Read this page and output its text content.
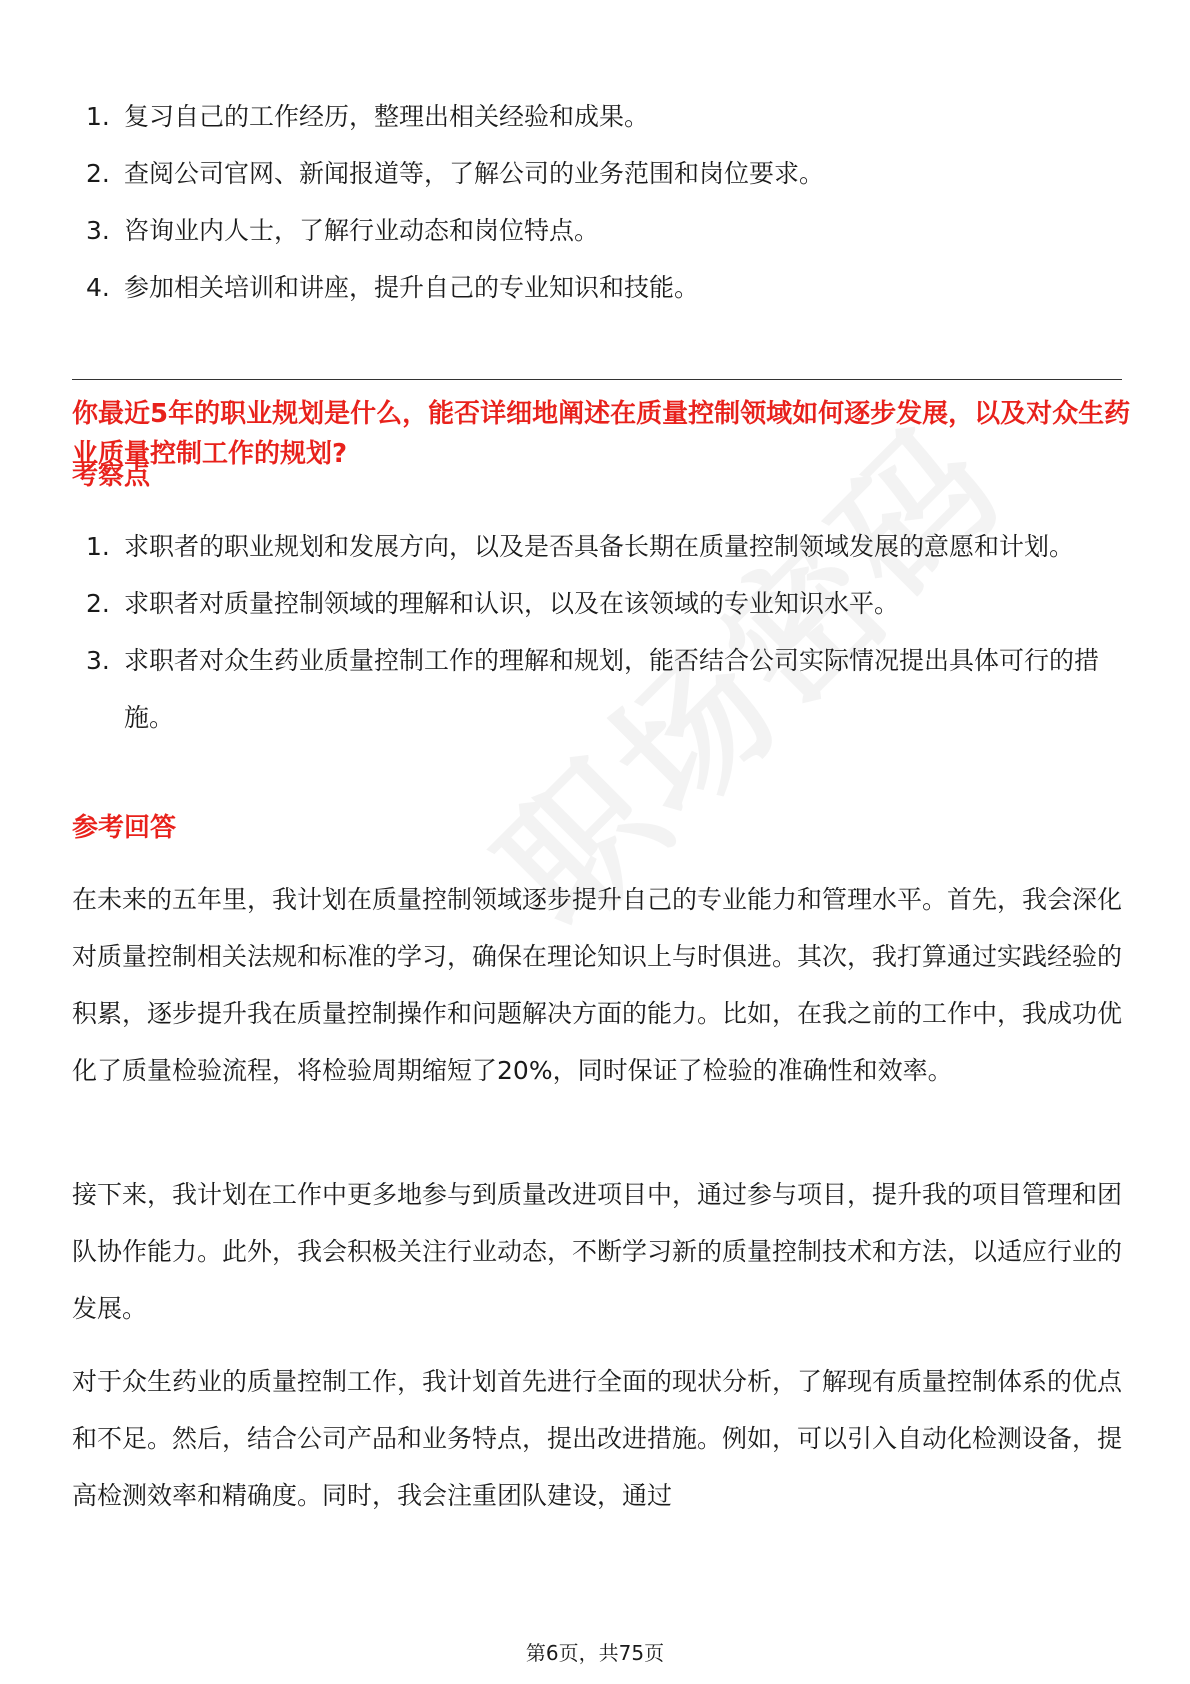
1. 复习自己的工作经历，整理出相关经验和成果。
2. 查阅公司官网、新闻报道等，了解公司的业务范围和岗位要求。
3. 咨询业内人士，了解行业动态和岗位特点。
4. 参加相关培训和讲座，提升自己的专业知识和技能。
你最近5年的职业规划是什么，能否详细地阐述在质量控制领域如何逐步发展，以及对众生药业质量控制工作的规划?
考察点
1. 求职者的职业规划和发展方向，以及是否具备长期在质量控制领域发展的意愿和计划。
2. 求职者对质量控制领域的理解和认识，以及在该领域的专业知识水平。
3. 求职者对众生药业质量控制工作的理解和规划，能否结合公司实际情况提出具体可行的措施。
参考回答
在未来的五年里，我计划在质量控制领域逐步提升自己的专业能力和管理水平。首先，我会深化对质量控制相关法规和标准的学习，确保在理论知识上与时俱进。其次，我打算通过实践经验的积累，逐步提升我在质量控制操作和问题解决方面的能力。比如，在我之前的工作中，我成功优化了质量检验流程，将检验周期缩短了20%，同时保证了检验的准确性和效率。
接下来，我计划在工作中更多地参与到质量改进项目中，通过参与项目，提升我的项目管理和团队协作能力。此外，我会积极关注行业动态，不断学习新的质量控制技术和方法，以适应行业的发展。
对于众生药业的质量控制工作，我计划首先进行全面的现状分析，了解现有质量控制体系的优点和不足。然后，结合公司产品和业务特点，提出改进措施。例如，可以引入自动化检测设备，提高检测效率和精确度。同时，我会注重团队建设，通过
第6页，共75页
